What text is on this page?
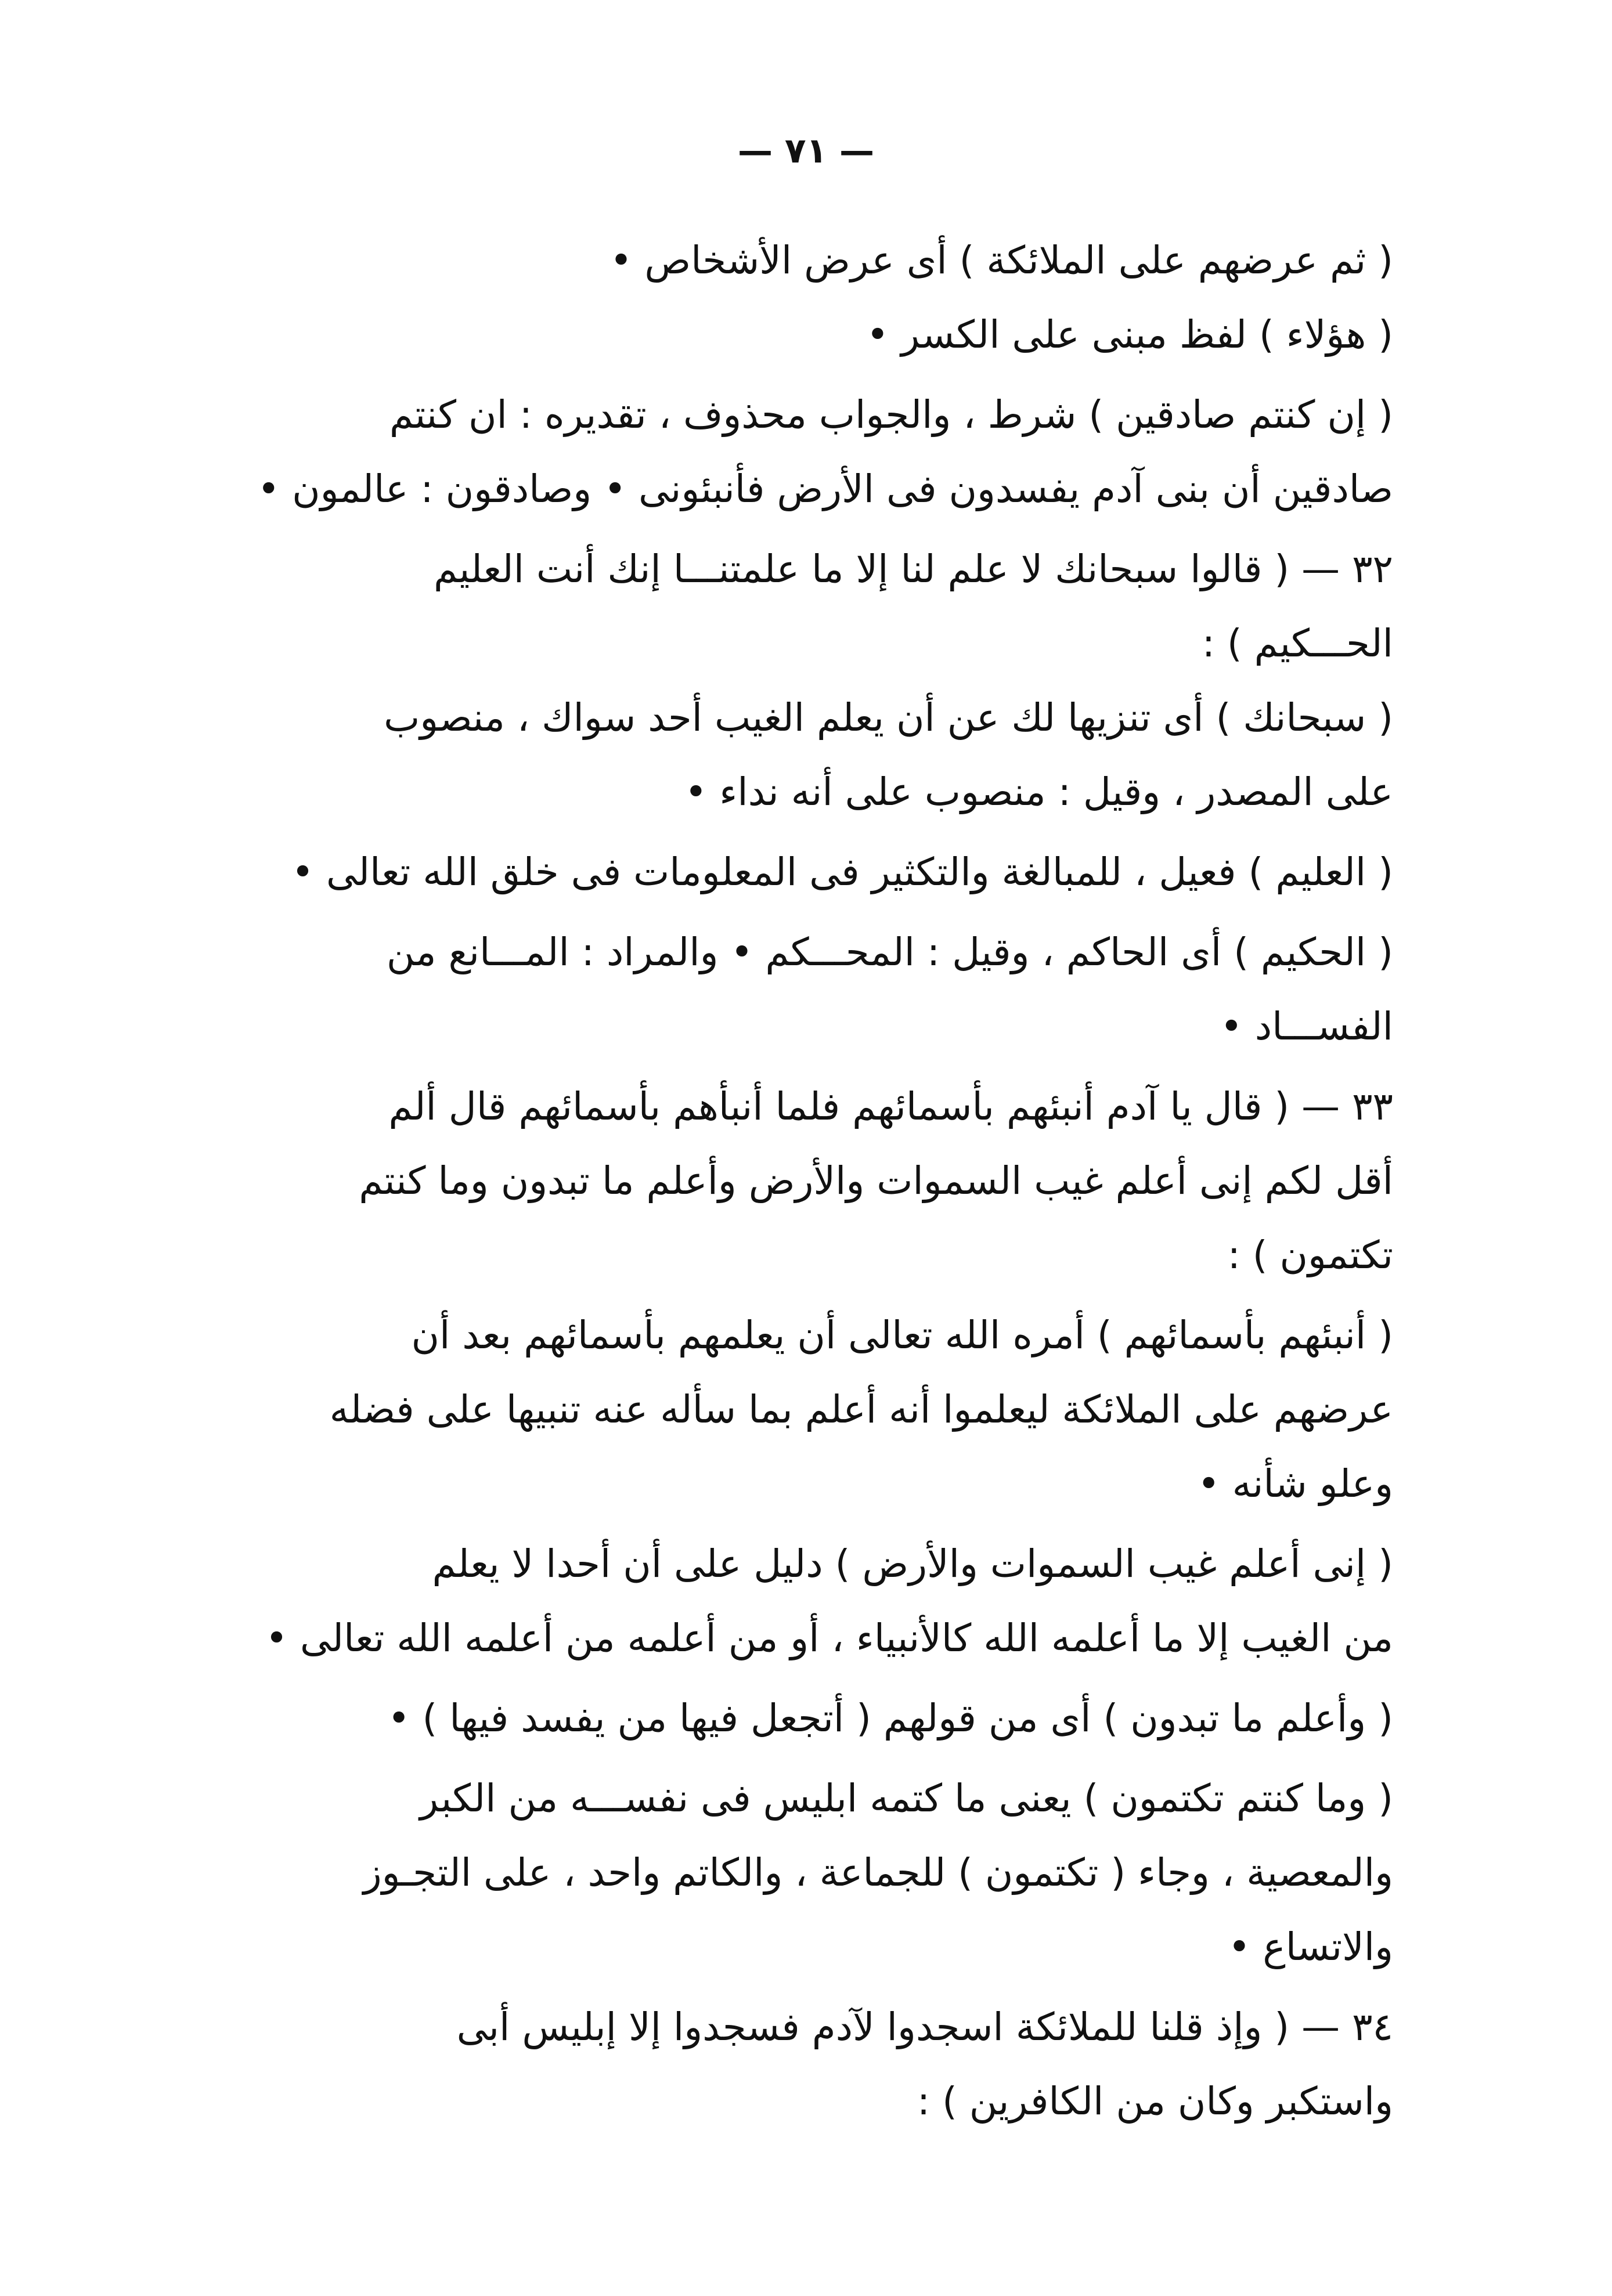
— ٧١ —
( ثم عرضهم على الملائكة ) أى عرض الأشخاص •
( هؤلاء ) لفظ مبنى على الكسر •
( إن كنتم صادقين ) شرط ، والجواب محذوف ، تقديره : ان كنتم
صادقين أن بنى آدم يفسدون فى الأرض فأنبئونى • وصادقون : عالمون •
٣٢ — ( قالوا سبحانك لا علم لنا إلا ما علمتنـــا إنك أنت العليم
الحـــكيم ) :
( سبحانك ) أى تنزيها لك عن أن يعلم الغيب أحد سواك ، منصوب
على المصدر ، وقيل : منصوب على أنه نداء •
( العليم ) فعيل ، للمبالغة والتكثير فى المعلومات فى خلق الله تعالى •
( الحكيم ) أى الحاكم ، وقيل : المحـــكم • والمراد : المـــانع من
الفســـاد •
٣٣ — ( قال يا آدم أنبئهم بأسمائهم فلما أنبأهم بأسمائهم قال ألم
أقل لكم إنى أعلم غيب السموات والأرض وأعلم ما تبدون وما كنتم
تكتمون ) :
( أنبئهم بأسمائهم ) أمره الله تعالى أن يعلمهم بأسمائهم بعد أن
عرضهم على الملائكة ليعلموا أنه أعلم بما سأله عنه تنبيها على فضله
وعلو شأنه •
( إنى أعلم غيب السموات والأرض ) دليل على أن أحدا لا يعلم
من الغيب إلا ما أعلمه الله كالأنبياء ، أو من أعلمه من أعلمه الله تعالى •
( وأعلم ما تبدون ) أى من قولهم ( أتجعل فيها من يفسد فيها ) •
( وما كنتم تكتمون ) يعنى ما كتمه ابليس فى نفســـه من الكبر
والمعصية ، وجاء ( تكتمون ) للجماعة ، والكاتم واحد ، على التجـوز
والاتساع •
٣٤ — ( وإذ قلنا للملائكة اسجدوا لآدم فسجدوا إلا إبليس أبى
واستكبر وكان من الكافرين ) :
